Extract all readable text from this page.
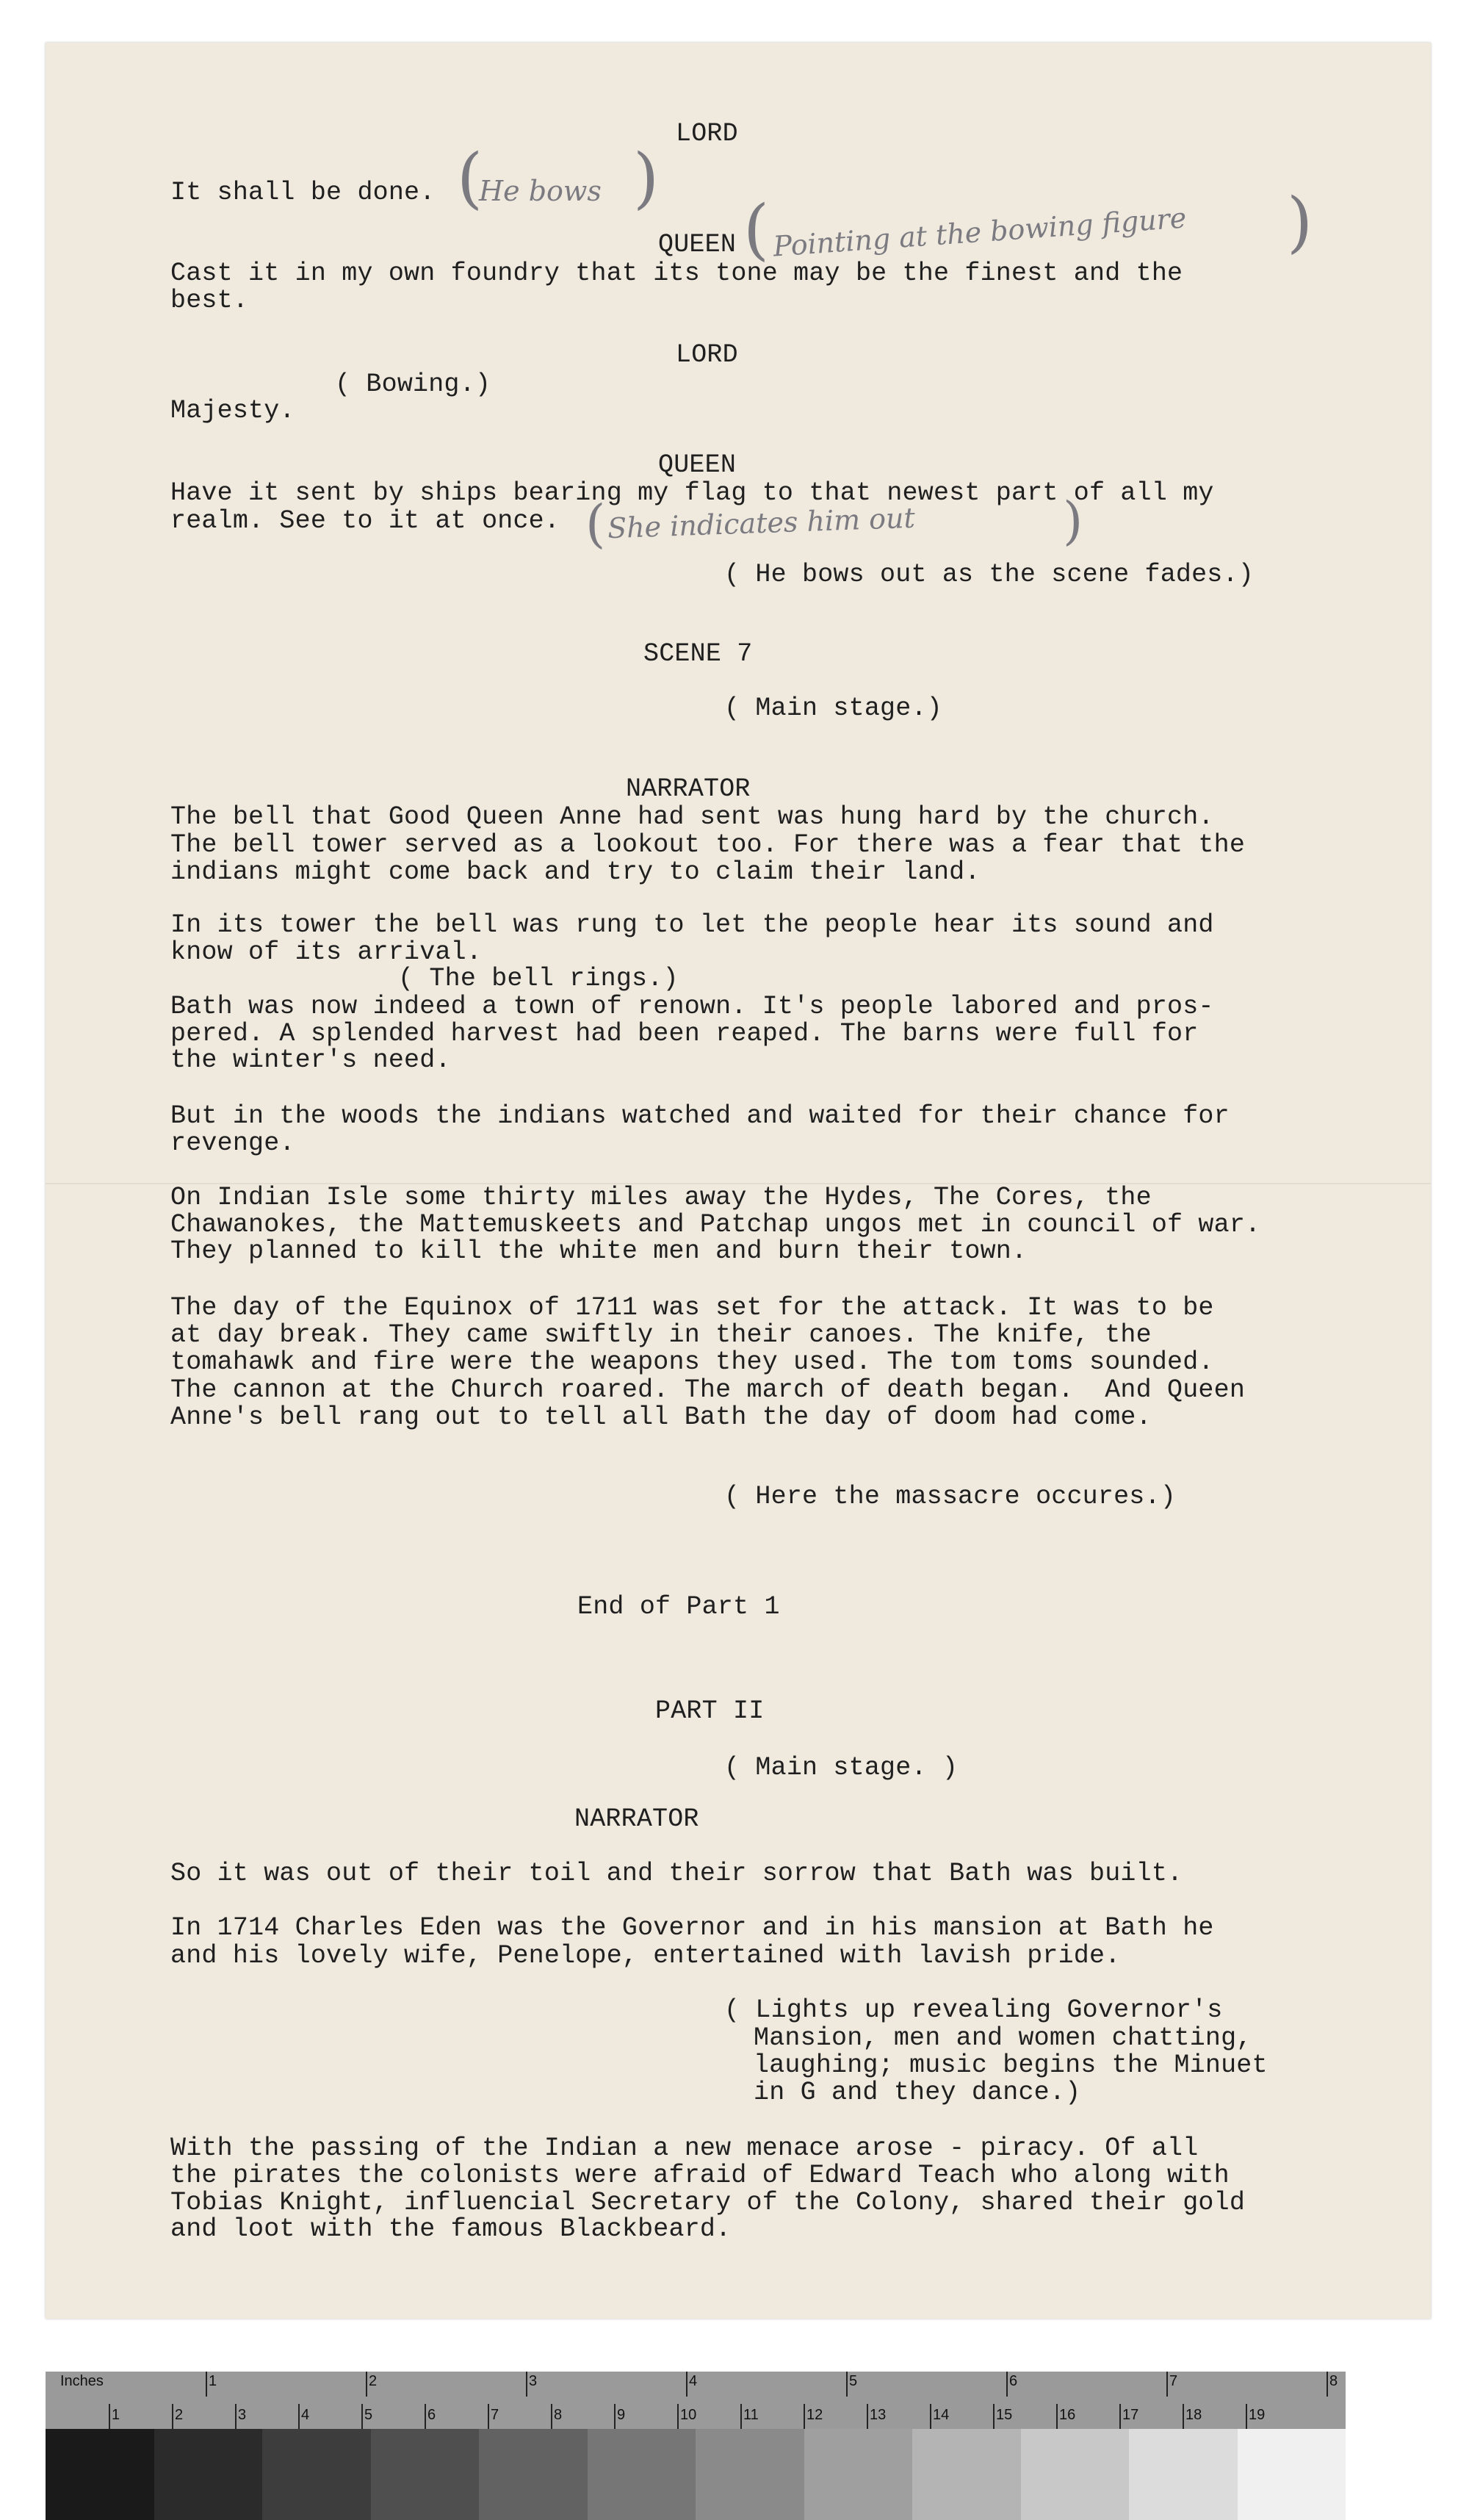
LORD
It shall be done.
QUEEN
Cast it in my own foundry that its tone may be the finest and the
best.
LORD
( Bowing.)
Majesty.
QUEEN
Have it sent by ships bearing my flag to that newest part of all my
realm. See to it at once.
( He bows out as the scene fades.)
SCENE 7
( Main stage.)
NARRATOR
The bell that Good Queen Anne had sent was hung hard by the church.
The bell tower served as a lookout too. For there was a fear that the
indians might come back and try to claim their land.
In its tower the bell was rung to let the people hear its sound and
know of its arrival.
( The bell rings.)
Bath was now indeed a town of renown. It's people labored and pros-
pered. A splended harvest had been reaped. The barns were full for
the winter's need.
But in the woods the indians watched and waited for their chance for
revenge.
On Indian Isle some thirty miles away the Hydes, The Cores, the
Chawanokes, the Mattemuskeets and Patchap ungos met in council of war.
They planned to kill the white men and burn their town.
The day of the Equinox of 1711 was set for the attack. It was to be
at day break. They came swiftly in their canoes. The knife, the
tomahawk and fire were the weapons they used. The tom toms sounded.
The cannon at the Church roared. The march of death began.  And Queen
Anne's bell rang out to tell all Bath the day of doom had come.
( Here the massacre occures.)
End of Part 1
PART II
( Main stage. )
NARRATOR
So it was out of their toil and their sorrow that Bath was built.
In 1714 Charles Eden was the Governor and in his mansion at Bath he
and his lovely wife, Penelope, entertained with lavish pride.
( Lights up revealing Governor's
Mansion, men and women chatting,
laughing; music begins the Minuet
in G and they dance.)
With the passing of the Indian a new menace arose - piracy. Of all
the pirates the colonists were afraid of Edward Teach who along with
Tobias Knight, influencial Secretary of the Colony, shared their gold
and loot with the famous Blackbeard.
(
He bows )
( Pointing at the bowing figure )
( She indicates him out	)
Inches	1	2	3	4	5	6	7	8
1	2	3	4	5	6	7	8	9	10	11	12	13	14	15	16	17	18	19
